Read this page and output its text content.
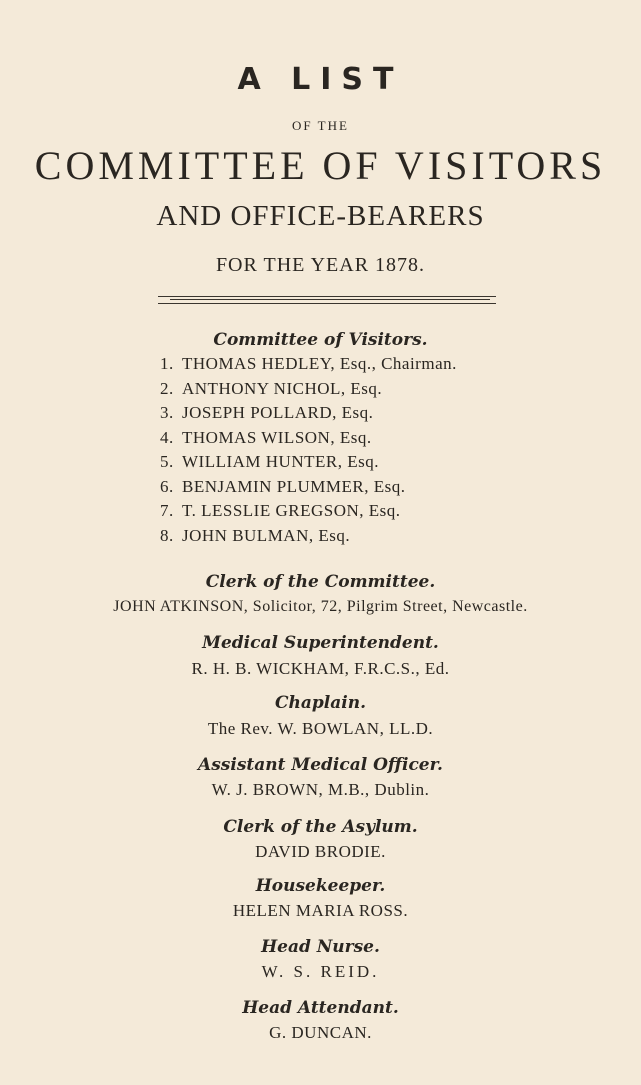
A LIST
OF THE
COMMITTEE OF VISITORS
AND OFFICE-BEARERS
FOR THE YEAR 1878.
Committee of Visitors.
1. THOMAS HEDLEY, Esq., Chairman.
2. ANTHONY NICHOL, Esq.
3. JOSEPH POLLARD, Esq.
4. THOMAS WILSON, Esq.
5. WILLIAM HUNTER, Esq.
6. BENJAMIN PLUMMER, Esq.
7. T. LESSLIE GREGSON, Esq.
8. JOHN BULMAN, Esq.
Clerk of the Committee.
JOHN ATKINSON, Solicitor, 72, Pilgrim Street, Newcastle.
Medical Superintendent.
R. H. B. WICKHAM, F.R.C.S., Ed.
Chaplain.
The Rev. W. BOWLAN, LL.D.
Assistant Medical Officer.
W. J. BROWN, M.B., Dublin.
Clerk of the Asylum.
DAVID BRODIE.
Housekeeper.
HELEN MARIA ROSS.
Head Nurse.
W. S. REID.
Head Attendant.
G. DUNCAN.
